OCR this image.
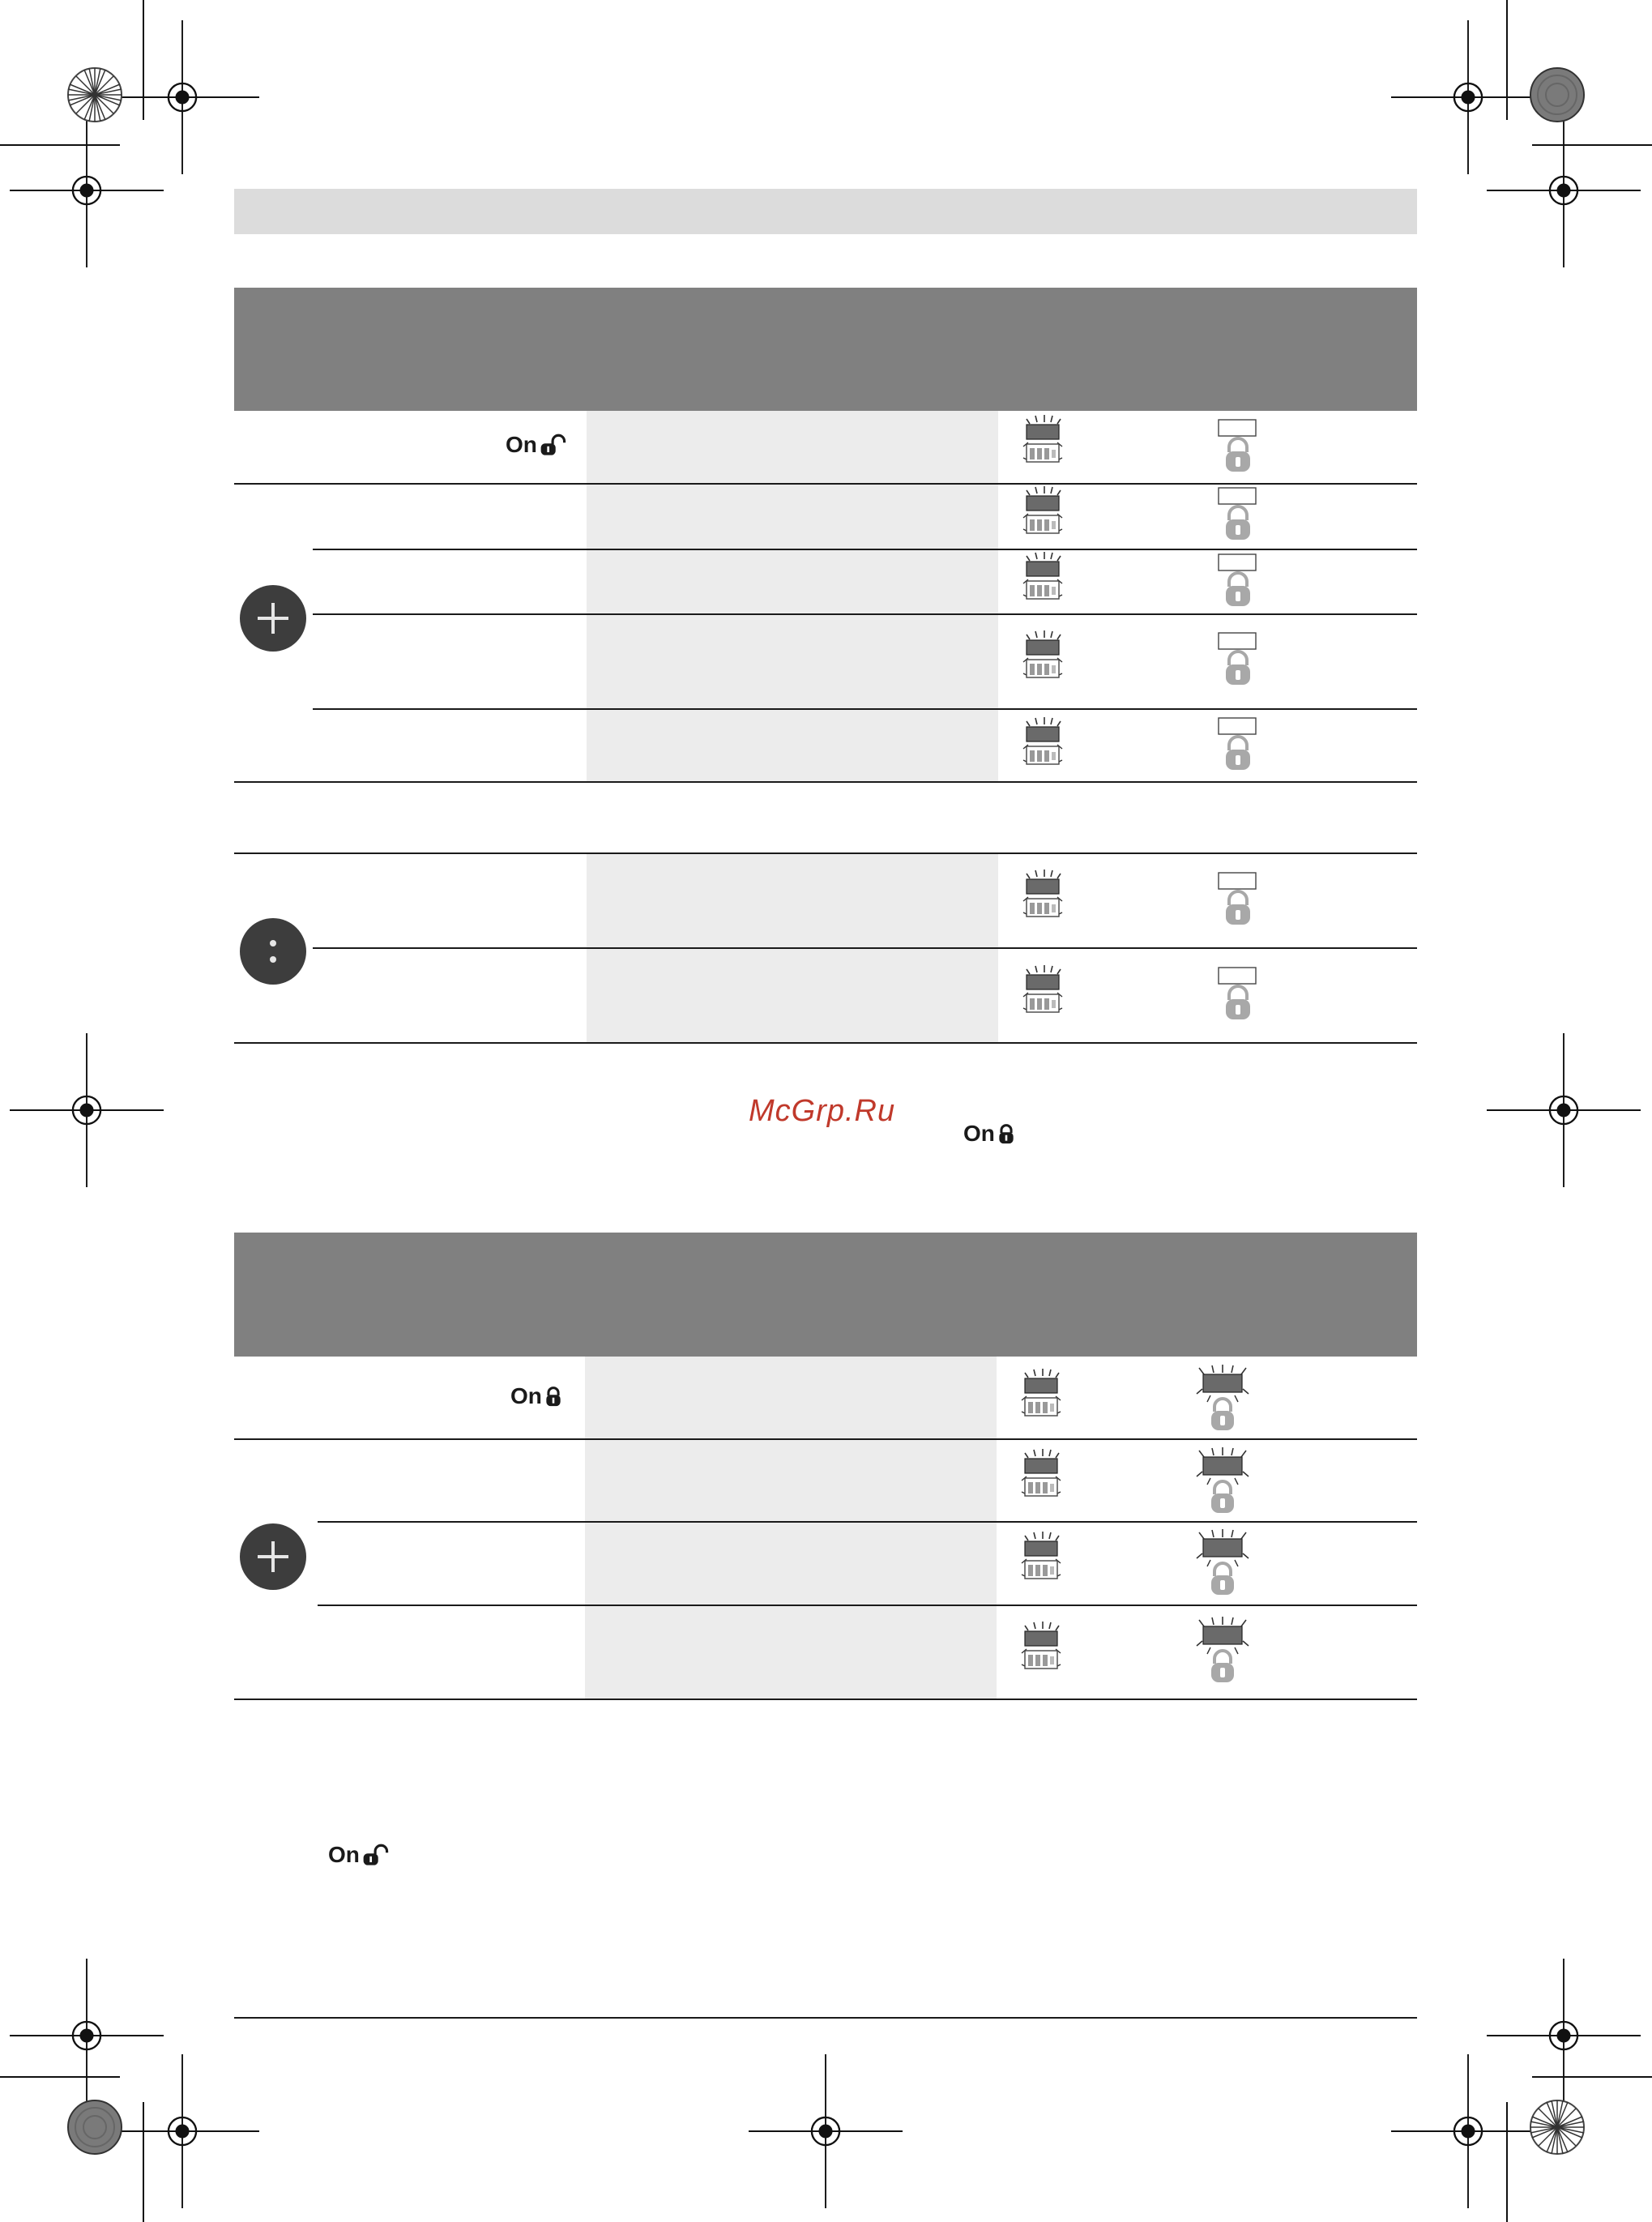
On
McGrp.Ru
On
On
On
